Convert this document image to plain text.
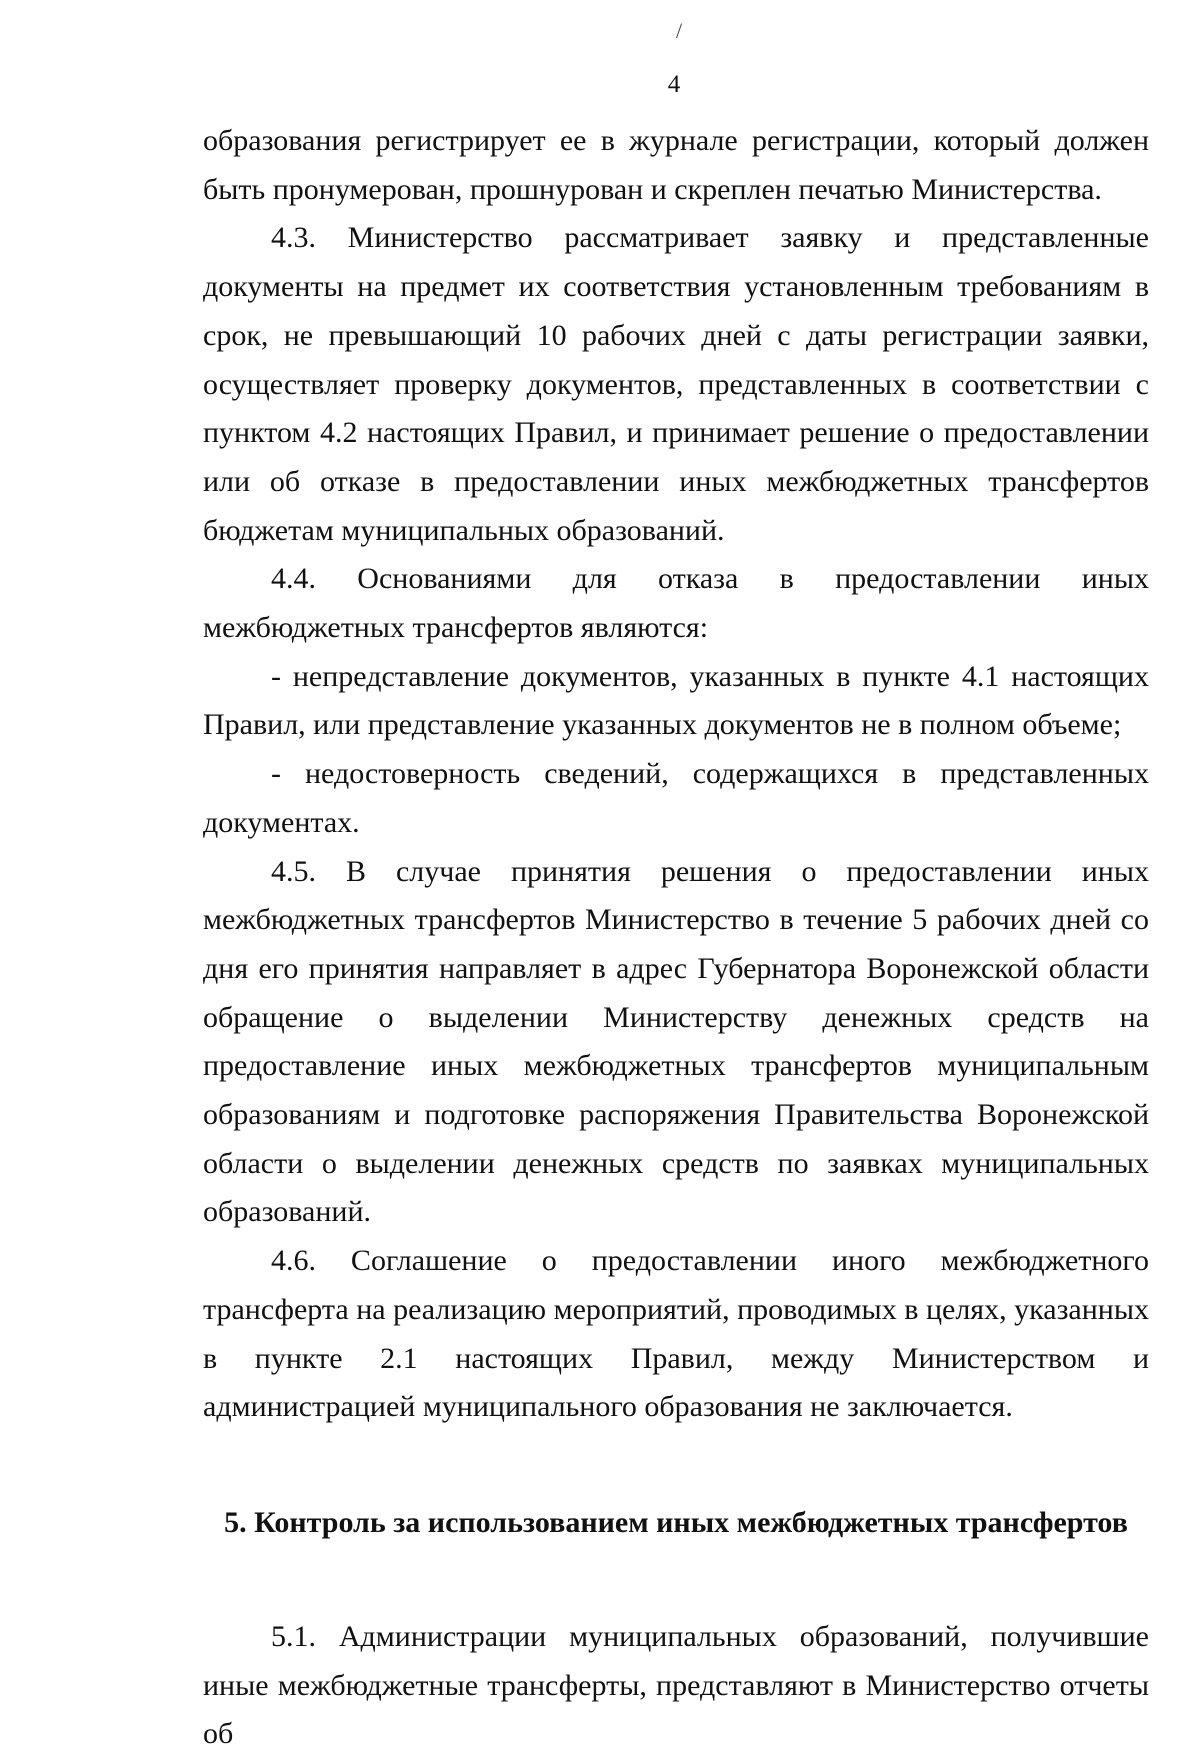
/
4

образования регистрирует ее в журнале регистрации, который должен быть пронумерован, прошнурован и скреплен печатью Министерства.

4.3. Министерство рассматривает заявку и представленные документы на предмет их соответствия установленным требованиям в срок, не превышающий 10 рабочих дней с даты регистрации заявки, осуществляет проверку документов, представленных в соответствии с пунктом 4.2 настоящих Правил, и принимает решение о предоставлении или об отказе в предоставлении иных межбюджетных трансфертов бюджетам муниципальных образований.

4.4. Основаниями для отказа в предоставлении иных межбюджетных трансфертов являются:

- непредставление документов, указанных в пункте 4.1 настоящих Правил, или представление указанных документов не в полном объеме;

- недостоверность сведений, содержащихся в представленных документах.

4.5. В случае принятия решения о предоставлении иных межбюджетных трансфертов Министерство в течение 5 рабочих дней со дня его принятия направляет в адрес Губернатора Воронежской области обращение о выделении Министерству денежных средств на предоставление иных межбюджетных трансфертов муниципальным образованиям и подготовке распоряжения Правительства Воронежской области о выделении денежных средств по заявках муниципальных образований.

4.6. Соглашение о предоставлении иного межбюджетного трансферта на реализацию мероприятий, проводимых в целях, указанных в пункте 2.1 настоящих Правил, между Министерством и администрацией муниципального образования не заключается.

5. Контроль за использованием иных межбюджетных трансфертов

5.1. Администрации муниципальных образований, получившие иные межбюджетные трансферты, представляют в Министерство отчеты об
